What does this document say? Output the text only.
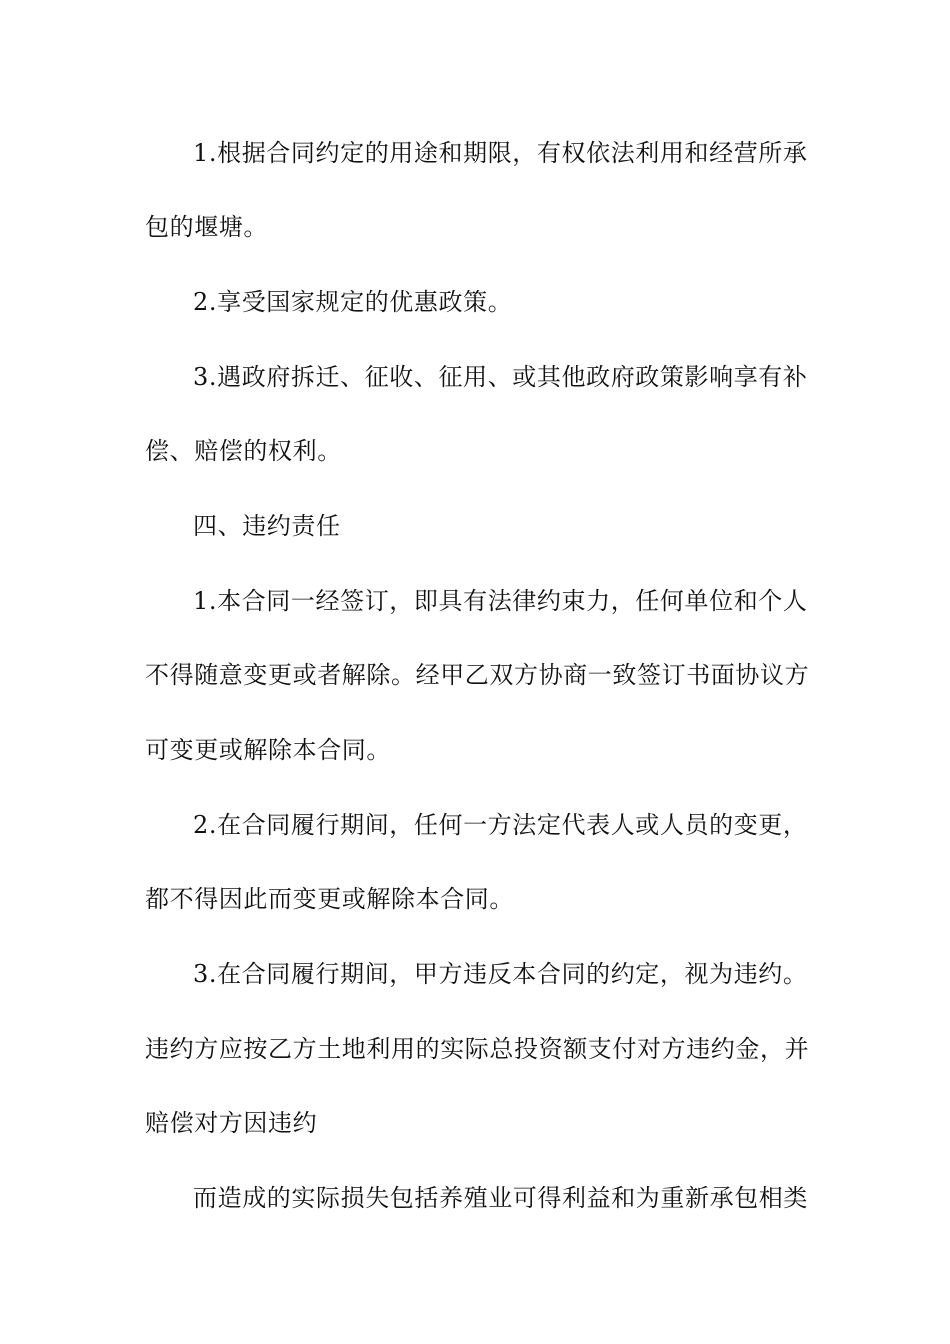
1.根据合同约定的用途和期限，有权依法利用和经营所承
包的堰塘。
2.享受国家规定的优惠政策。
3.遇政府拆迁、征收、征用、或其他政府政策影响享有补
偿、赔偿的权利。
四、违约责任
1.本合同一经签订，即具有法律约束力，任何单位和个人
不得随意变更或者解除。经甲乙双方协商一致签订书面协议方
可变更或解除本合同。
2.在合同履行期间，任何一方法定代表人或人员的变更，
都不得因此而变更或解除本合同。
3.在合同履行期间，甲方违反本合同的约定，视为违约。
违约方应按乙方土地利用的实际总投资额支付对方违约金，并
赔偿对方因违约
而造成的实际损失包括养殖业可得利益和为重新承包相类
